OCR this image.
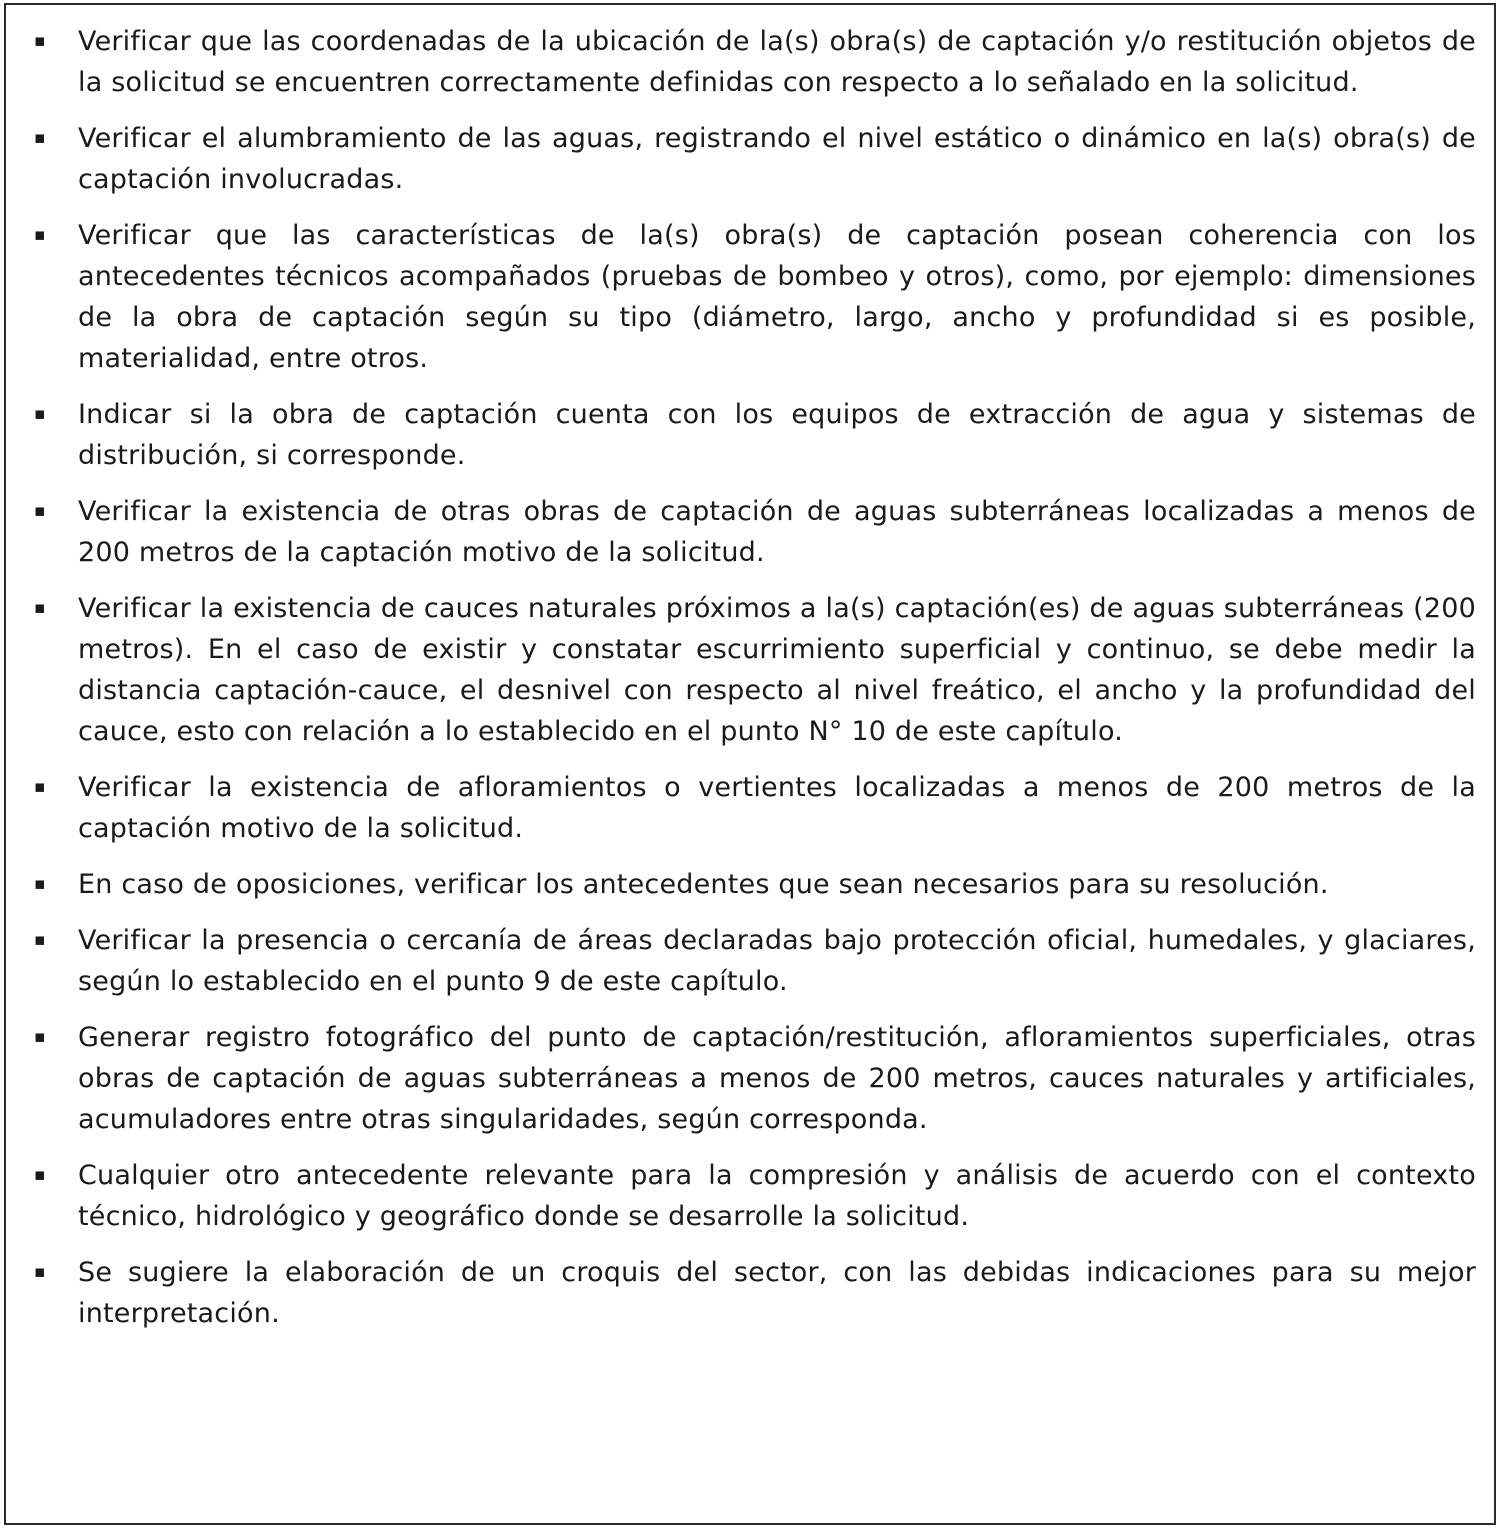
▪	Verificar que las coordenadas de la ubicación de la(s) obra(s) de captación y/o restitución objetos de la solicitud se encuentren correctamente definidas con respecto a lo señalado en la solicitud.
▪	Verificar el alumbramiento de las aguas, registrando el nivel estático o dinámico en la(s) obra(s) de captación involucradas.
▪	Verificar que las características de la(s) obra(s) de captación posean coherencia con los antecedentes técnicos acompañados (pruebas de bombeo y otros), como, por ejemplo: dimensiones de la obra de captación según su tipo (diámetro, largo, ancho y profundidad si es posible, materialidad, entre otros.
▪	Indicar si la obra de captación cuenta con los equipos de extracción de agua y sistemas de distribución, si corresponde.
▪	Verificar la existencia de otras obras de captación de aguas subterráneas localizadas a menos de 200 metros de la captación motivo de la solicitud.
▪	Verificar la existencia de cauces naturales próximos a la(s) captación(es) de aguas subterráneas (200 metros). En el caso de existir y constatar escurrimiento superficial y continuo, se debe medir la distancia captación-cauce, el desnivel con respecto al nivel freático, el ancho y la profundidad del cauce, esto con relación a lo establecido en el punto N° 10 de este capítulo.
▪	Verificar la existencia de afloramientos o vertientes localizadas a menos de 200 metros de la captación motivo de la solicitud.
▪	En caso de oposiciones, verificar los antecedentes que sean necesarios para su resolución.
▪	Verificar la presencia o cercanía de áreas declaradas bajo protección oficial, humedales, y glaciares, según lo establecido en el punto 9 de este capítulo.
▪	Generar registro fotográfico del punto de captación/restitución, afloramientos superficiales, otras obras de captación de aguas subterráneas a menos de 200 metros, cauces naturales y artificiales, acumuladores entre otras singularidades, según corresponda.
▪	Cualquier otro antecedente relevante para la compresión y análisis de acuerdo con el contexto técnico, hidrológico y geográfico donde se desarrolle la solicitud.
▪	Se sugiere la elaboración de un croquis del sector, con las debidas indicaciones para su mejor interpretación.
